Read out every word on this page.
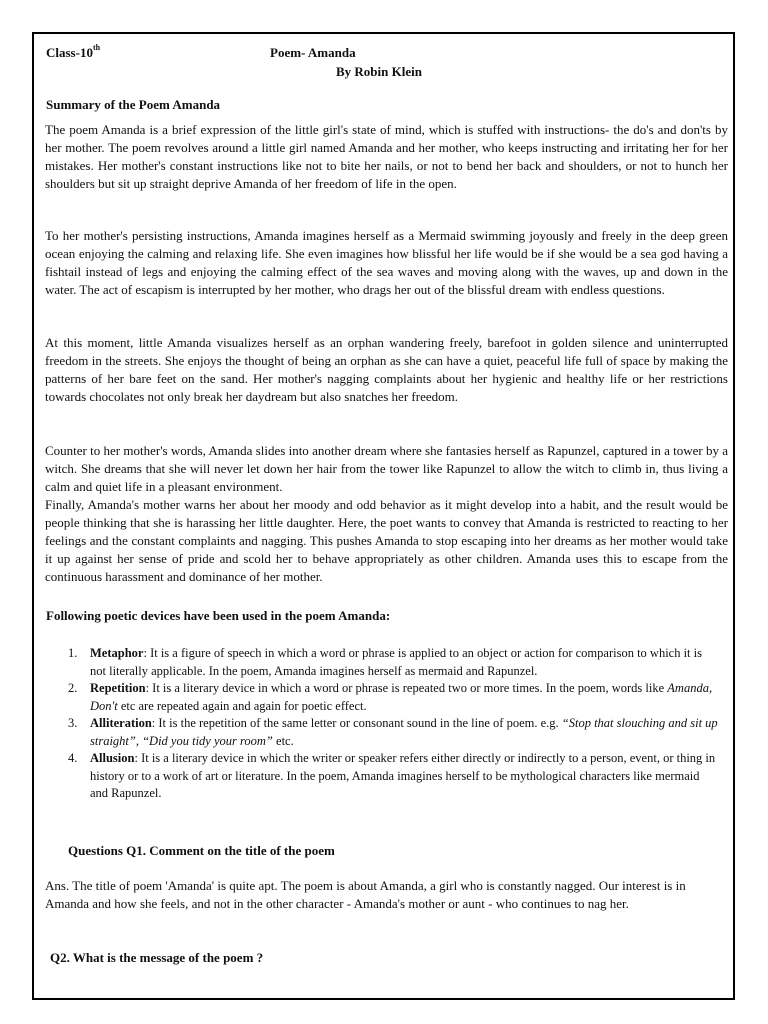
Class-10th	Poem- Amanda
By Robin Klein
Summary of the Poem Amanda

The poem Amanda is a brief expression of the little girl's state of mind, which is stuffed with instructions- the do's and don'ts by her mother. The poem revolves around a little girl named Amanda and her mother, who keeps instructing and irritating her for her mistakes. Her mother's constant instructions like not to bite her nails, or not to bend her back and shoulders, or not to hunch her shoulders but sit up straight deprive Amanda of her freedom of life in the open.

To her mother's persisting instructions, Amanda imagines herself as a Mermaid swimming joyously and freely in the deep green ocean enjoying the calming and relaxing life. She even imagines how blissful her life would be if she would be a sea god having a fishtail instead of legs and enjoying the calming effect of the sea waves and moving along with the waves, up and down in the water. The act of escapism is interrupted by her mother, who drags her out of the blissful dream with endless questions.

At this moment, little Amanda visualizes herself as an orphan wandering freely, barefoot in golden silence and uninterrupted freedom in the streets. She enjoys the thought of being an orphan as she can have a quiet, peaceful life full of space by making the patterns of her bare feet on the sand. Her mother's nagging complaints about her hygienic and healthy life or her restrictions towards chocolates not only break her daydream but also snatches her freedom.

Counter to her mother's words, Amanda slides into another dream where she fantasies herself as Rapunzel, captured in a tower by a witch. She dreams that she will never let down her hair from the tower like Rapunzel to allow the witch to climb in, thus living a calm and quiet life in a pleasant environment.

Finally, Amanda's mother warns her about her moody and odd behavior as it might develop into a habit, and the result would be people thinking that she is harassing her little daughter. Here, the poet wants to convey that Amanda is restricted to reacting to her feelings and the constant complaints and nagging. This pushes Amanda to stop escaping into her dreams as her mother would take it up against her sense of pride and scold her to behave appropriately as other children. Amanda uses this to escape from the continuous harassment and dominance of her mother.

Following poetic devices have been used in the poem Amanda:
1. Metaphor: It is a figure of speech in which a word or phrase is applied to an object or action for comparison to which it is not literally applicable. In the poem, Amanda imagines herself as mermaid and Rapunzel.
2. Repetition: It is a literary device in which a word or phrase is repeated two or more times. In the poem, words like Amanda, Don't etc are repeated again and again for poetic effect.
3. Alliteration: It is the repetition of the same letter or consonant sound in the line of poem. e.g. “Stop that slouching and sit up straight”, “Did you tidy your room” etc.
4. Allusion: It is a literary device in which the writer or speaker refers either directly or indirectly to a person, event, or thing in history or to a work of art or literature. In the poem, Amanda imagines herself to be mythological characters like mermaid and Rapunzel.
Questions Q1. Comment on the title of the poem

Ans. The title of poem 'Amanda' is quite apt. The poem is about Amanda, a girl who is constantly nagged. Our interest is in Amanda and how she feels, and not in the other character - Amanda's mother or aunt - who continues to nag her.

Q2. What is the message of the poem ?
